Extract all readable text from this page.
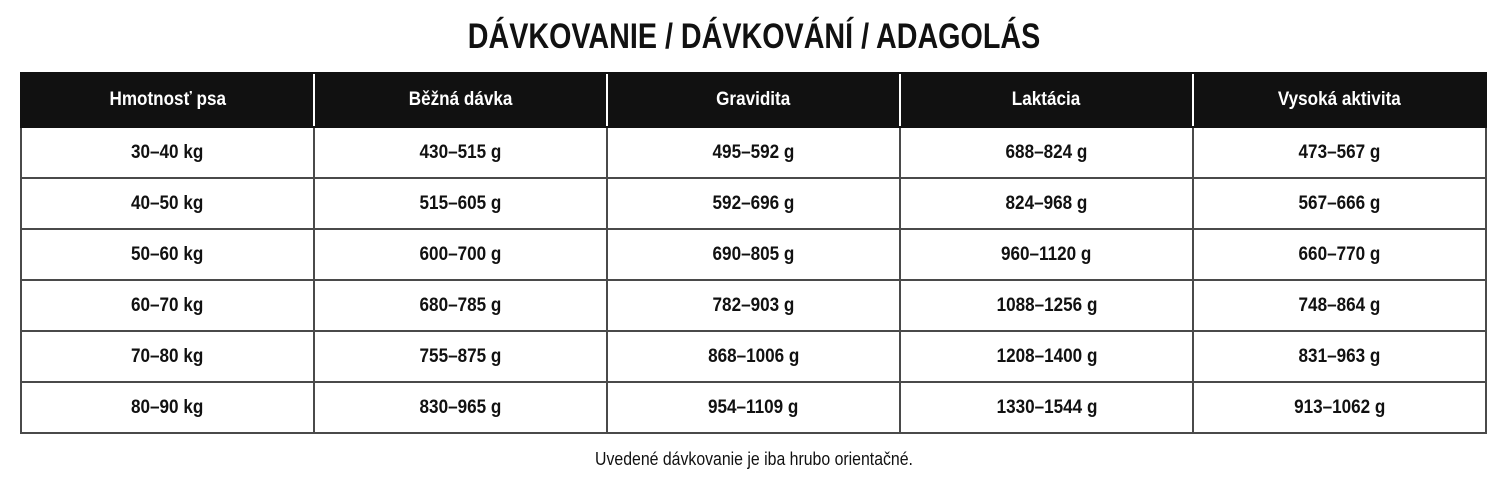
DÁVKOVANIE / DÁVKOVÁNÍ / ADAGOLÁS
Hmotnosť psa	Běžná dávka	Gravidita	Laktácia	Vysoká aktivita
30–40 kg	430–515 g	495–592 g	688–824 g	473–567 g
40–50 kg	515–605 g	592–696 g	824–968 g	567–666 g
50–60 kg	600–700 g	690–805 g	960–1120 g	660–770 g
60–70 kg	680–785 g	782–903 g	1088–1256 g	748–864 g
70–80 kg	755–875 g	868–1006 g	1208–1400 g	831–963 g
80–90 kg	830–965 g	954–1109 g	1330–1544 g	913–1062 g
Uvedené dávkovanie je iba hrubo orientačné.
